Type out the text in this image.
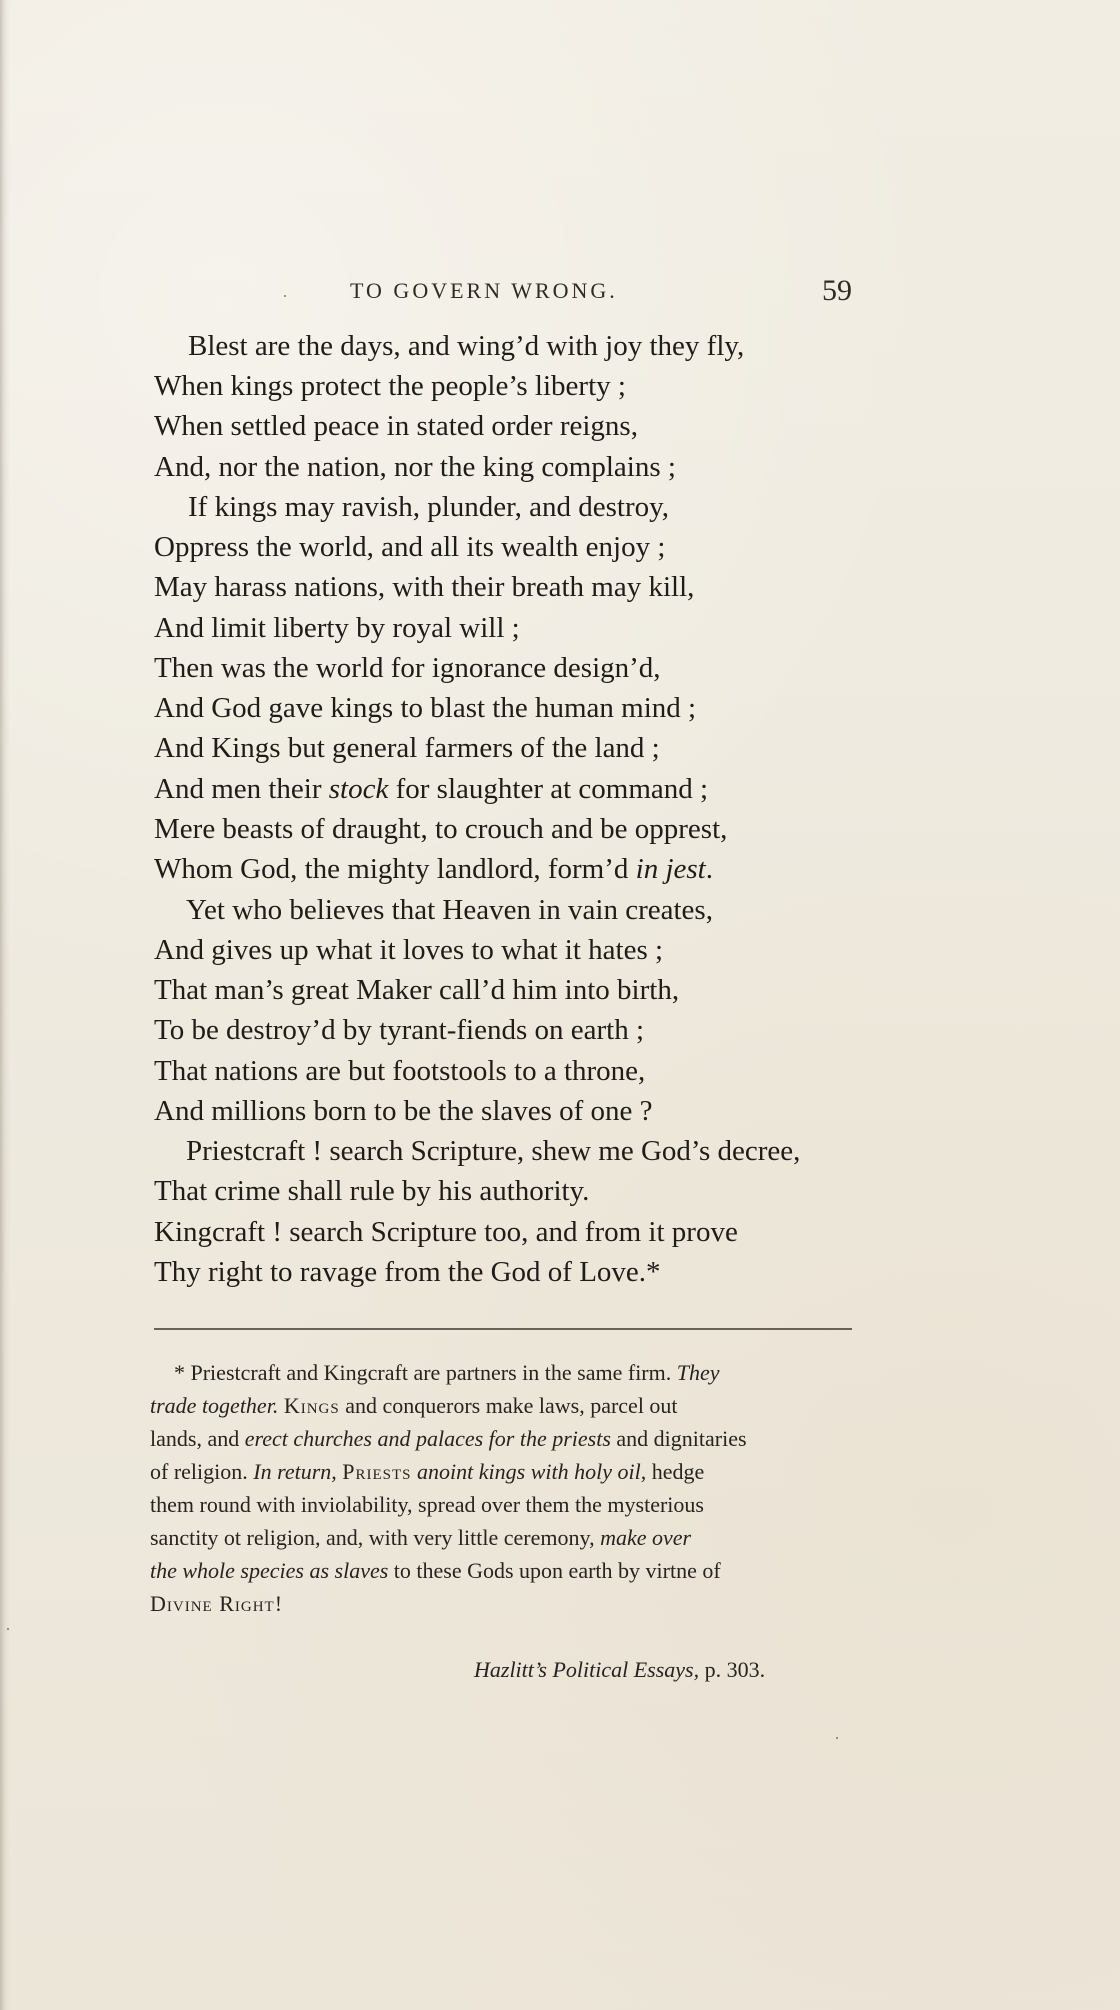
TO GOVERN WRONG.	59
Blest are the days, and wing’d with joy they fly,
When kings protect the people’s liberty ;
When settled peace in stated order reigns,
And, nor the nation, nor the king complains ;
If kings may ravish, plunder, and destroy,
Oppress the world, and all its wealth enjoy ;
May harass nations, with their breath may kill,
And limit liberty by royal will ;
Then was the world for ignorance design’d,
And God gave kings to blast the human mind ;
And Kings but general farmers of the land ;
And men their stock for slaughter at command ;
Mere beasts of draught, to crouch and be opprest,
Whom God, the mighty landlord, form’d in jest.
Yet who believes that Heaven in vain creates,
And gives up what it loves to what it hates ;
That man’s great Maker call’d him into birth,
To be destroy’d by tyrant-fiends on earth ;
That nations are but footstools to a throne,
And millions born to be the slaves of one ?
Priestcraft ! search Scripture, shew me God’s decree,
That crime shall rule by his authority.
Kingcraft ! search Scripture too, and from it prove
Thy right to ravage from the God of Love.*

* Priestcraft and Kingcraft are partners in the same firm. They

trade together. Kings and conquerors make laws, parcel out

lands, and erect churches and palaces for the priests and dignitaries

of religion. In return, Priests anoint kings with holy oil, hedge

them round with inviolability, spread over them the mysterious

sanctity ot religion, and, with very little ceremony, make over

the whole species as slaves to these Gods upon earth by virtne of

Divine Right!

Hazlitt’s Political Essays, p. 303.
